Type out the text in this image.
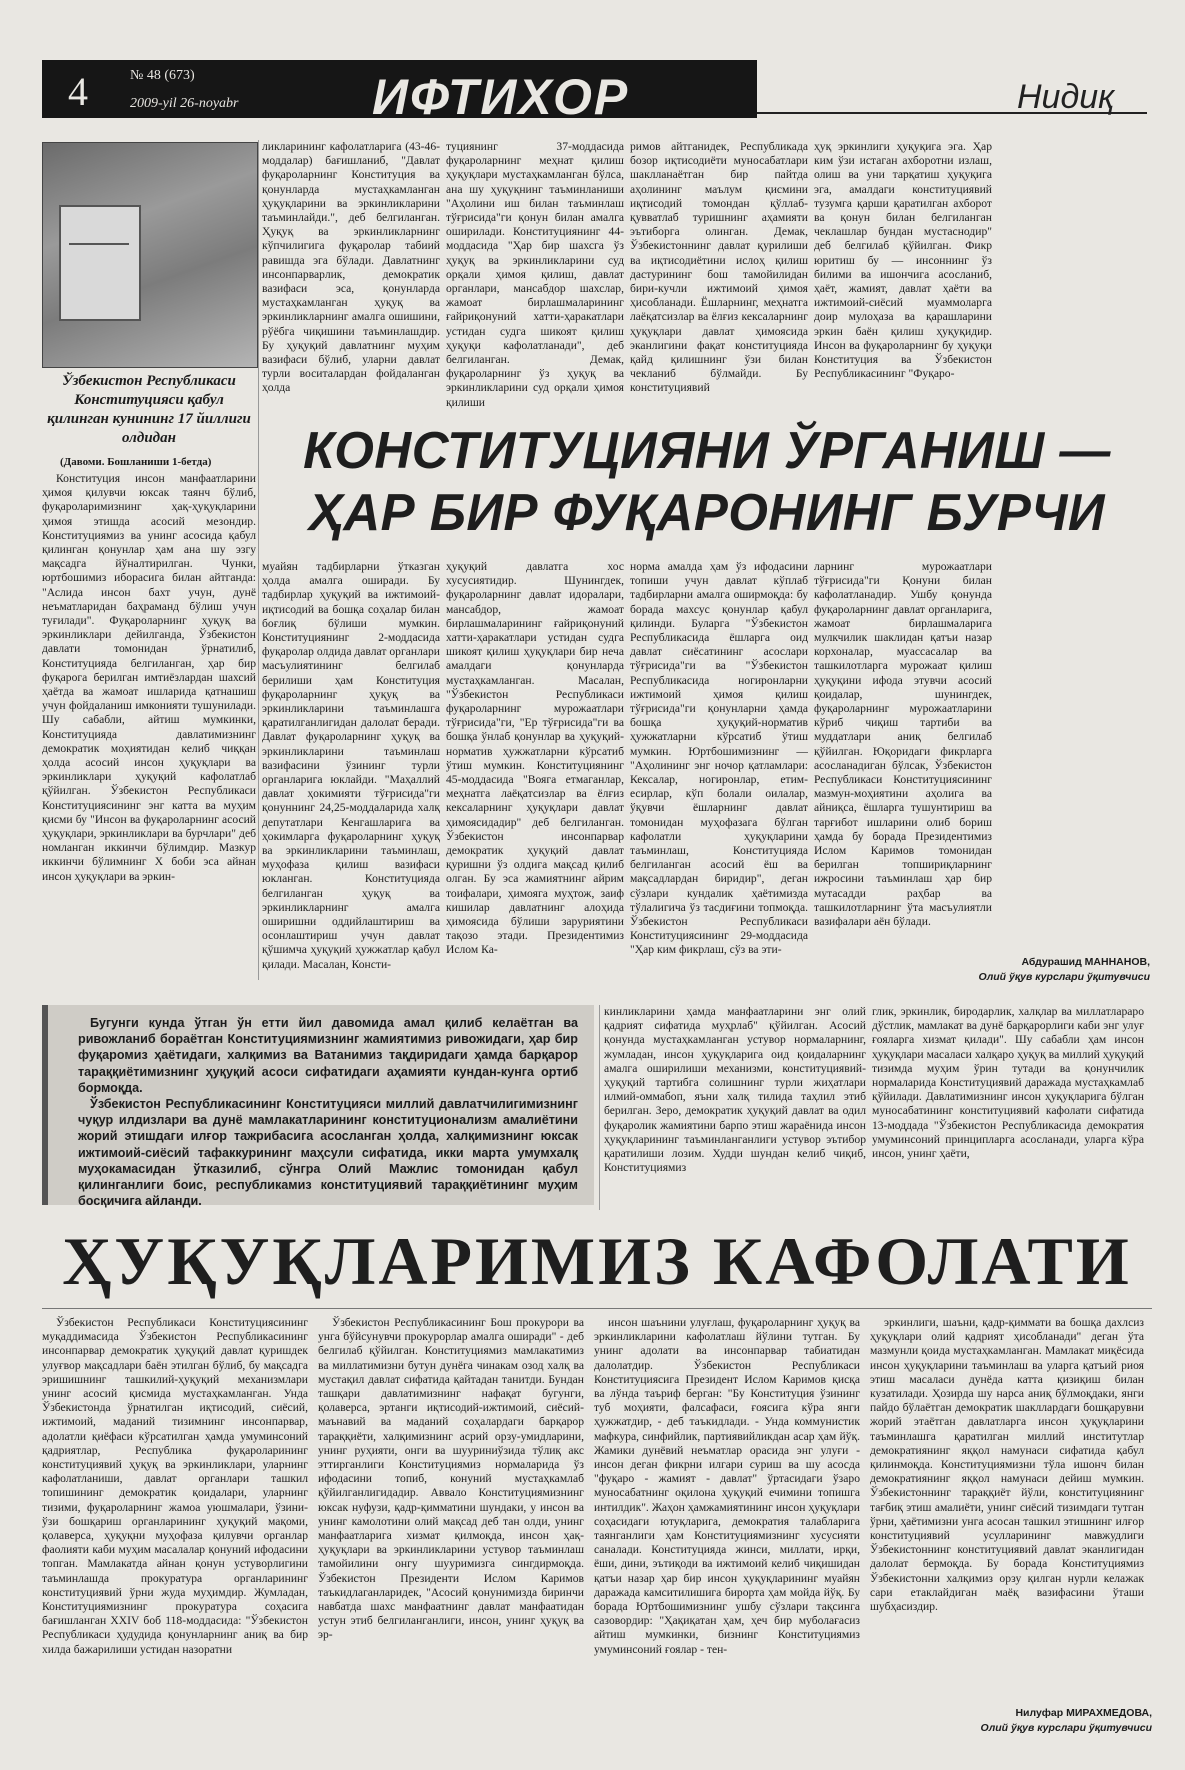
4	№ 48 (673)
2009-yil 26-noyabr	ИФТИХОР	Нидиқ
Ўзбекистон Республикаси Конституцияси қабул қилинган кунининг 17 йиллиги олдидан
(Давоми. Бошланиши 1-бетда)

Конституция инсон манфаатларини ҳимоя қилувчи юксак таянч бўлиб, фуқароларимизнинг ҳақ-ҳуқуқларини ҳимоя этишда асосий мезондир. Конституциямиз ва унинг асосида қабул қилинган қонунлар ҳам ана шу эзгу мақсадга йўналтирилган. Чунки, юртбошимиз иборасига билан айтганда: "Аслида инсон бахт учун, дунё неъматларидан баҳраманд бўлиш учун туғилади". Фуқароларнинг ҳуқуқ ва эркинликлари дейилганда, Ўзбекистон давлати томонидан ўрнатилиб, Конституцияда белгиланган, ҳар бир фуқарога берилган имтиёзлардан шахсий ҳаётда ва жамоат ишларида қатнашиш учун фойдаланиш имконияти тушунилади. Шу сабабли, айтиш мумкинки, Конституцияда давлатимизнинг демократик моҳиятидан келиб чиққан ҳолда асосий инсон ҳуқуқлари ва эркинликлари ҳуқуқий кафолатлаб қўйилган. Ўзбекистон Республикаси Конституциясининг энг катта ва муҳим қисми бу "Инсон ва фуқароларнинг асосий ҳуқуқлари, эркинликлари ва бурчлари" деб номланган иккинчи бўлимдир. Мазкур иккинчи бўлимнинг Х боби эса айнан инсон ҳуқуқлари ва эркин-

ликларининг кафолатларига (43-46-моддалар) бағишланиб, "Давлат фуқароларнинг Конституция ва қонунларда мустаҳкамланган ҳуқуқларини ва эркинликларини таъминлайди.", деб белгиланган. Ҳуқуқ ва эркинликларнинг кўпчилигига фуқаролар табиий равишда эга бўлади. Давлатнинг инсонпарварлик, демократик вазифаси эса, қонунларда мустаҳкамланган ҳуқуқ ва эркинликларнинг амалга ошишини, рўёбга чиқишини таъминлашдир. Бу ҳуқуқий давлатнинг муҳим вазифаси бўлиб, уларни давлат турли воситалардан фойдаланган ҳолда

туциянинг 37-моддасида фуқароларнинг меҳнат қилиш ҳуқуқлари мустаҳкамланган бўлса, ана шу ҳуқуқнинг таъминланиши "Аҳолини иш билан таъминлаш тўғрисида"ги қонун билан амалга оширилади. Конституциянинг 44-моддасида "Ҳар бир шахсга ўз ҳуқуқ ва эркинликларини суд орқали ҳимоя қилиш, давлат органлари, мансабдор шахслар, жамоат бирлашмаларининг ғайриқонуний хатти-ҳаракатлари устидан судга шикоят қилиш ҳуқуқи кафолатланади", деб белгиланган. Демак, фуқароларнинг ўз ҳуқуқ ва эркинликларини суд орқали ҳимоя қилиши

римов айтганидек, Республикада бозор иқтисодиёти муносабатлари шаклланаётган бир пайтда аҳолининг маълум қисмини иқтисодий томондан қўллаб-қувватлаб туришнинг аҳамияти эътиборга олинган. Демак, Ўзбекистоннинг давлат қурилиши ва иқтисодиётини ислоҳ қилиш дастурининг бош тамойилидан бири-кучли ижтимоий ҳимоя ҳисобланади. Ёшларнинг, меҳнатга лаёқатсизлар ва ёлғиз кексаларнинг ҳуқуқлари давлат ҳимоясида эканлигини фақат конституцияда қайд қилишнинг ўзи билан чекланиб бўлмайди. Бу конституциявий

ҳуқ эркинлиги ҳуқуқига эга. Ҳар ким ўзи истаган ахборотни излаш, олиш ва уни тарқатиш ҳуқуқига эга, амалдаги конституциявий тузумга қарши қаратилган ахборот ва қонун билан белгиланган чеклашлар бундан мустаснодир" деб белгилаб қўйилган. Фикр юритиш бу — инсоннинг ўз билими ва ишончига асосланиб, ҳаёт, жамият, давлат ҳаёти ва ижтимоий-сиёсий муаммоларга доир мулоҳаза ва қарашларини эркин баён қилиш ҳуқуқидир. Инсон ва фуқароларнинг бу ҳуқуқи Конституция ва Ўзбекистон Республикасининг "Фуқаро-

КОНСТИТУЦИЯНИ ЎРГАНИШ —
ҲАР БИР ФУҚАРОНИНГ БУРЧИ

муайян тадбирларни ўтказган ҳолда амалга оширади. Бу тадбирлар ҳуқуқий ва ижтимоий-иқтисодий ва бошқа соҳалар билан боғлиқ бўлиши мумкин. Конституциянинг 2-моддасида фуқаролар олдида давлат органлари масъулиятининг белгилаб берилиши ҳам Конституция фуқароларнинг ҳуқуқ ва эркинликларини таъминлашга қаратилганлигидан далолат беради. Давлат фуқароларнинг ҳуқуқ ва эркинликларини таъминлаш вазифасини ўзининг турли органларига юклайди. "Маҳаллий давлат ҳокимияти тўғрисида"ги қонуннинг 24,25-моддаларида халқ депутатлари Кенгашларига ва ҳокимларга фуқароларнинг ҳуқуқ ва эркинликларини таъминлаш, муҳофаза қилиш вазифаси юкланган. Конституцияда белгиланган ҳуқуқ ва эркинликларнинг амалга оширишни оддийлаштириш ва осонлаштириш учун давлат қўшимча ҳуқуқий ҳужжатлар қабул қилади. Масалан, Консти-

ҳуқуқий давлатга хос хусусиятидир. Шунингдек, фуқароларнинг давлат идоралари, мансабдор, жамоат бирлашмаларининг ғайриқонуний хатти-ҳаракатлари устидан судга шикоят қилиш ҳуқуқлари бир неча амалдаги қонунларда мустаҳкамланган. Масалан, "Ўзбекистон Республикаси фуқароларнинг мурожаатлари тўғрисида"ги, "Ер тўғрисида"ги ва бошқа ўнлаб қонунлар ва ҳуқуқий-норматив ҳужжатларни кўрсатиб ўтиш мумкин. Конституциянинг 45-моддасида "Вояга етмаганлар, меҳнатга лаёқатсизлар ва ёлғиз кексаларнинг ҳуқуқлари давлат ҳимоясидадир" деб белгиланган. Ўзбекистон инсонпарвар демократик ҳуқуқий давлат қуришни ўз олдига мақсад қилиб олган. Бу эса жамиятнинг айрим тоифалари, ҳимояга муҳтож, заиф кишилар давлатнинг алоҳида ҳимоясида бўлиши заруриятини тақозо этади. Президентимиз Ислом Ка-

норма амалда ҳам ўз ифодасини топиши учун давлат кўплаб тадбирларни амалга оширмоқда: бу борада махсус қонунлар қабул қилинди. Буларга "Ўзбекистон Республикасида ёшларга оид давлат сиёсатининг асослари тўғрисида"ги ва "Ўзбекистон Республикасида ногиронларни ижтимоий ҳимоя қилиш тўғрисида"ги қонунларни ҳамда бошқа ҳуқуқий-норматив ҳужжатларни кўрсатиб ўтиш мумкин. Юртбошимизнинг — "Аҳолининг энг ночор қатламлари: Кексалар, ногиронлар, етим-есирлар, кўп болали оилалар, ўқувчи ёшларнинг давлат томонидан муҳофазага бўлган кафолатли ҳуқуқларини таъминлаш, Конституцияда белгиланган асосий ёш ва мақсадлардан биридир", деган сўзлари кундалик ҳаётимизда тўлалигича ўз тасдиғини топмоқда. Ўзбекистон Республикаси Конституциясининг 29-моддасида "Ҳар ким фикрлаш, сўз ва эти-

ларнинг мурожаатлари тўғрисида"ги Қонуни билан кафолатланадир. Ушбу қонунда фуқароларнинг давлат органларига, жамоат бирлашмаларига мулкчилик шаклидан қатъи назар корхоналар, муассасалар ва ташкилотларга мурожаат қилиш ҳуқуқини ифода этувчи асосий қоидалар, шунингдек, фуқароларнинг мурожаатларини кўриб чиқиш тартиби ва муддатлари аниқ белгилаб қўйилган. Юқоридаги фикрларга асосланадиган бўлсак, Ўзбекистон Республикаси Конституциясининг мазмун-моҳиятини аҳолига ва айниқса, ёшларга тушунтириш ва тарғибот ишларини олиб бориш ҳамда бу борада Президентимиз Ислом Каримов томонидан берилган топшириқларнинг ижросини таъминлаш ҳар бир мутасадди раҳбар ва ташкилотларнинг ўта масъулиятли вазифалари аён бўлади.

Абдурашид МАННАНОВ,
Олий ўқув курслари ўқитувчиси

Бугунги кунда ўтган ўн етти йил давомида амал қилиб келаётган ва ривожланиб бораётган Конституциямизнинг жамиятимиз ривожидаги, ҳар бир фуқаромиз ҳаётидаги, халқимиз ва Ватанимиз тақдиридаги ҳамда барқарор тараққиётимизнинг ҳуқуқий асоси сифатидаги аҳамияти кундан-кунга ортиб бормоқда.

Ўзбекистон Республикасининг Конституцияси миллий давлатчилигимизнинг чуқур илдизлари ва дунё мамлакатларининг конституционализм амалиётини жорий этишдаги илғор тажрибасига асосланган ҳолда, халқимизнинг юксак ижтимоий-сиёсий тафаккурининг маҳсули сифатида, икки марта умумхалқ муҳокамасидан ўтказилиб, сўнгра Олий Мажлис томонидан қабул қилинганлиги боис, республикамиз конституциявий тараққиётининг муҳим босқичига айланди.

кинликларини ҳамда манфаатларини энг олий қадрият сифатида муҳрлаб" қўйилган. Асосий қонунда мустаҳкамланган устувор нормаларнинг, жумладан, инсон ҳуқуқларига оид қоидаларнинг амалга оширилиши механизми, конституциявий-ҳуқуқий тартибга солишнинг турли жиҳатлари илмий-оммабоп, яъни халқ тилида таҳлил этиб берилган. Зеро, демократик ҳуқуқий давлат ва одил фуқаролик жамиятини барпо этиш жараёнида инсон ҳуқуқларининг таъминланганлиги устувор эътибор қаратилиши лозим. Худди шундан келиб чиқиб, Конституциямиз

глик, эркинлик, биродарлик, халқлар ва миллатларaро дўстлик, мамлакат ва дунё барқарорлиги каби энг улуғ ғояларга хизмат қилади". Шу сабабли ҳам инсон ҳуқуқлари масаласи халқаро ҳуқуқ ва миллий ҳуқуқий тизимда муҳим ўрин тутади ва қонунчилик нормаларида Конституциявий даражада мустаҳкамлаб қўйилади. Давлатимизнинг инсон ҳуқуқларига бўлган муносабатининг конституциявий кафолати сифатида 13-моддада "Ўзбекистон Республикасида демократия умуминсоний принципларга асосланади, уларга кўра инсон, унинг ҳаёти,

ҲУҚУҚЛАРИМИЗ КАФОЛАТИ

Ўзбекистон Республикаси Конституциясининг муқаддимасида Ўзбекистон Республикасининг инсонпарвар демократик ҳуқуқий давлат қуришдек улуғвор мақсадлари баён этилган бўлиб, бу мақсадга эришишнинг ташкилий-ҳуқуқий механизмлари унинг асосий қисмида мустаҳкамланган. Унда Ўзбекистонда ўрнатилган иқтисодий, сиёсий, ижтимоий, маданий тизимнинг инсонпарвар, адолатли қиёфаси кўрсатилган ҳамда умуминсоний қадриятлар, Республика фуқароларининг конституциявий ҳуқуқ ва эркинликлари, уларнинг кафолатланиши, давлат органлари ташкил топишининг демократик қоидалари, уларнинг тизими, фуқароларнинг жамоа уюшмалари, ўзини-ўзи бошқариш органларининг ҳуқуқий мақоми, қолаверса, ҳуқуқни муҳофаза қилувчи органлар фаолияти каби муҳим масалалар қонуний ифодасини топган. Мамлакатда айнан қонун устуворлигини таъминлашда прокуратура органларининг конституциявий ўрни жуда муҳимдир. Жумладан, Конституциямизнинг прокуратура соҳасига бағишланган XXIV боб 118-моддасида: "Ўзбекистон Республикаси ҳудудида қонунларнинг аниқ ва бир хилда бажарилиши устидан назоратни

Ўзбекистон Республикасининг Бош прокурори ва унга бўйсунувчи прокурорлар амалга оширади" - деб белгилаб қўйилган. Конституциямиз мамлакатимиз ва миллатимизни бутун дунёга чинакам озод халқ ва мустақил давлат сифатида қайтадан танитди. Бундан ташқари давлатимизнинг нафақат бугунги, қолаверса, эртанги иқтисодий-ижтимоий, сиёсий-маънавий ва маданий соҳалардаги барқарор тараққиёти, халқимизнинг асрий орзу-умидларини, унинг руҳияти, онги ва шууриниўзида тўлиқ акс эттирганлиги Конституциямиз нормаларида ўз ифодасини топиб, конуний мустаҳкамлаб қўйилганлигидадир. Аввало Конституциямизнинг юксак нуфузи, қадр-қимматини шундаки, у инсон ва унинг камолотини олий мақсад деб тан олди, унинг манфаатларига хизмат қилмоқда, инсон ҳақ-ҳуқуқлари ва эркинликларини устувор таъминлаш тамойилини онгу шууримизга сингдирмоқда. Ўзбекистон Президенти Ислом Каримов таъкидлаганларидек, "Асосий қонунимизда биринчи навбатда шахс манфаатнинг давлат манфаатидан устун этиб белгиланганлиги, инсон, унинг ҳуқуқ ва эр-

инсон шаънини улуғлаш, фуқароларнинг ҳуқуқ ва эркинликларини кафолатлаш йўлини тутган. Бу унинг адолати ва инсонпарвар табиатидан далолатдир. Ўзбекистон Республикаси Конституциясига Президент Ислом Каримов қисқа ва лўнда таъриф берган: "Бу Конституция ўзининг туб моҳияти, фалсафаси, ғоясига кўра янги ҳужжатдир, - деб таъкидлади. - Унда коммунистик мафкура, синфийлик, партиявийликдан асар ҳам йўқ. Жамики дунёвий неъматлар орасида энг улуғи - инсон деган фикрни илгари суриш ва шу асосда "фуқаро - жамият - давлат" ўртасидаги ўзаро муносабатнинг оқилона ҳуқуқий ечимини топишга интилдик". Жаҳон ҳамжамиятининг инсон ҳуқуқлари соҳасидаги ютуқларига, демократия талабларига таянганлиги ҳам Конституциямизнинг хусусияти саналади. Конституцияда жинси, миллати, ирқи, ёши, дини, эътиқоди ва ижтимоий келиб чиқишидан қатъи назар ҳар бир инсон ҳуқуқларининг муайян даражада камситилишига бирорта ҳам мойда йўқ. Бу борада Юртбошимизнинг ушбу сўзлари тақсинга сазовордир: "Ҳақиқатан ҳам, ҳеч бир муболағасиз айтиш мумкинки, бизнинг Конституциямиз умуминсоний ғоялар - тен-

эркинлиги, шаъни, қадр-қиммати ва бошқа дахлсиз ҳуқуқлари олий қадрият ҳисобланади" деган ўта мазмунли қоида мустаҳкамланган. Мамлакат миқёсида инсон ҳуқуқларини таъминлаш ва уларга қатъий риоя этиш масаласи дунёда катта қизиқиш билан кузатилади. Ҳозирда шу нарса аниқ бўлмоқдаки, янги пайдо бўлаётган демократик шакллардаги бошқарувни жорий этаётган давлатларга инсон ҳуқуқларини таъминлашга қаратилган миллий институтлар демократиянинг яққол намунаси сифатида қабул қилинмоқда. Конституциямизни тўла ишонч билан демократиянинг яққол намунаси дейиш мумкин. Ўзбекистоннинг тараққиёт йўли, конституциянинг тағбиқ этиш амалиёти, унинг сиёсий тизимдаги тутган ўрни, ҳаётимизни унга асосан ташкил этишнинг илғор конституциявий усулларининг мавжудлиги Ўзбекистоннинг конституциявий давлат эканлигидан далолат бермоқда. Бу борада Конституциямиз Ўзбекистонни халқимиз орзу қилган нурли келажак сари етаклайдиган маёқ вазифасини ўташи шубҳасиздир.

Нилуфар МИРАХМЕДОВА,
Олий ўқув курслари ўқитувчиси
